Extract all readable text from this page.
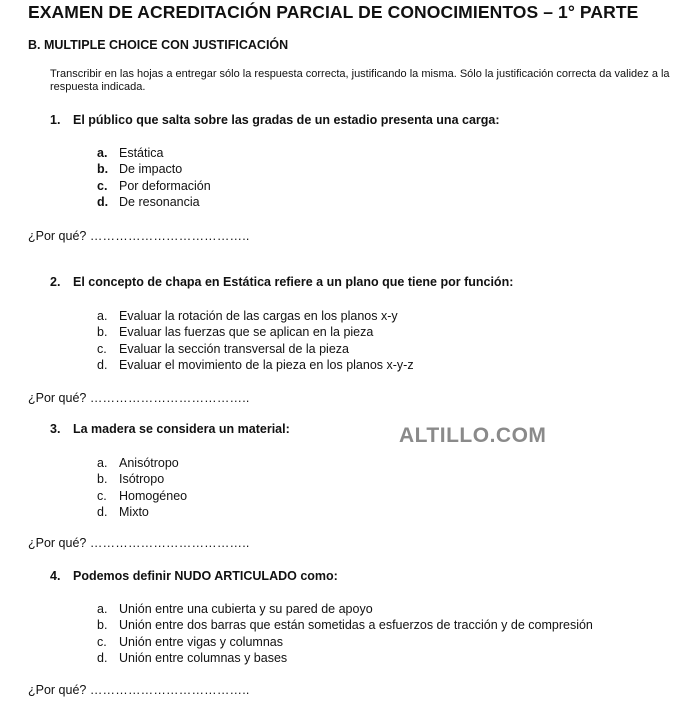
EXAMEN DE ACREDITACIÓN PARCIAL DE CONOCIMIENTOS – 1° PARTE
B. MULTIPLE CHOICE CON JUSTIFICACIÓN
Transcribir en las hojas a entregar sólo la respuesta correcta, justificando la misma. Sólo la justificación correcta da validez a la respuesta indicada.
ALTILLO.COM
1. El público que salta sobre las gradas de un estadio presenta una carga:
a. Estática
b. De impacto
c. Por deformación
d. De resonancia
¿Por qué? ………………………………..
2. El concepto de chapa en Estática refiere a un plano que tiene por función:
a. Evaluar la rotación de las cargas en los planos x-y
b. Evaluar las fuerzas que se aplican en la pieza
c. Evaluar la sección transversal de la pieza
d. Evaluar el movimiento de la pieza en los planos x-y-z
¿Por qué? ………………………………..
3. La madera se considera un material:
a. Anisótropo
b. Isótropo
c. Homogéneo
d. Mixto
¿Por qué? ………………………………..
4. Podemos definir NUDO ARTICULADO como:
a. Unión entre una cubierta y su pared de apoyo
b. Unión entre dos barras que están sometidas a esfuerzos de tracción y de compresión
c. Unión entre vigas y columnas
d. Unión entre columnas y bases
¿Por qué? ………………………………..
